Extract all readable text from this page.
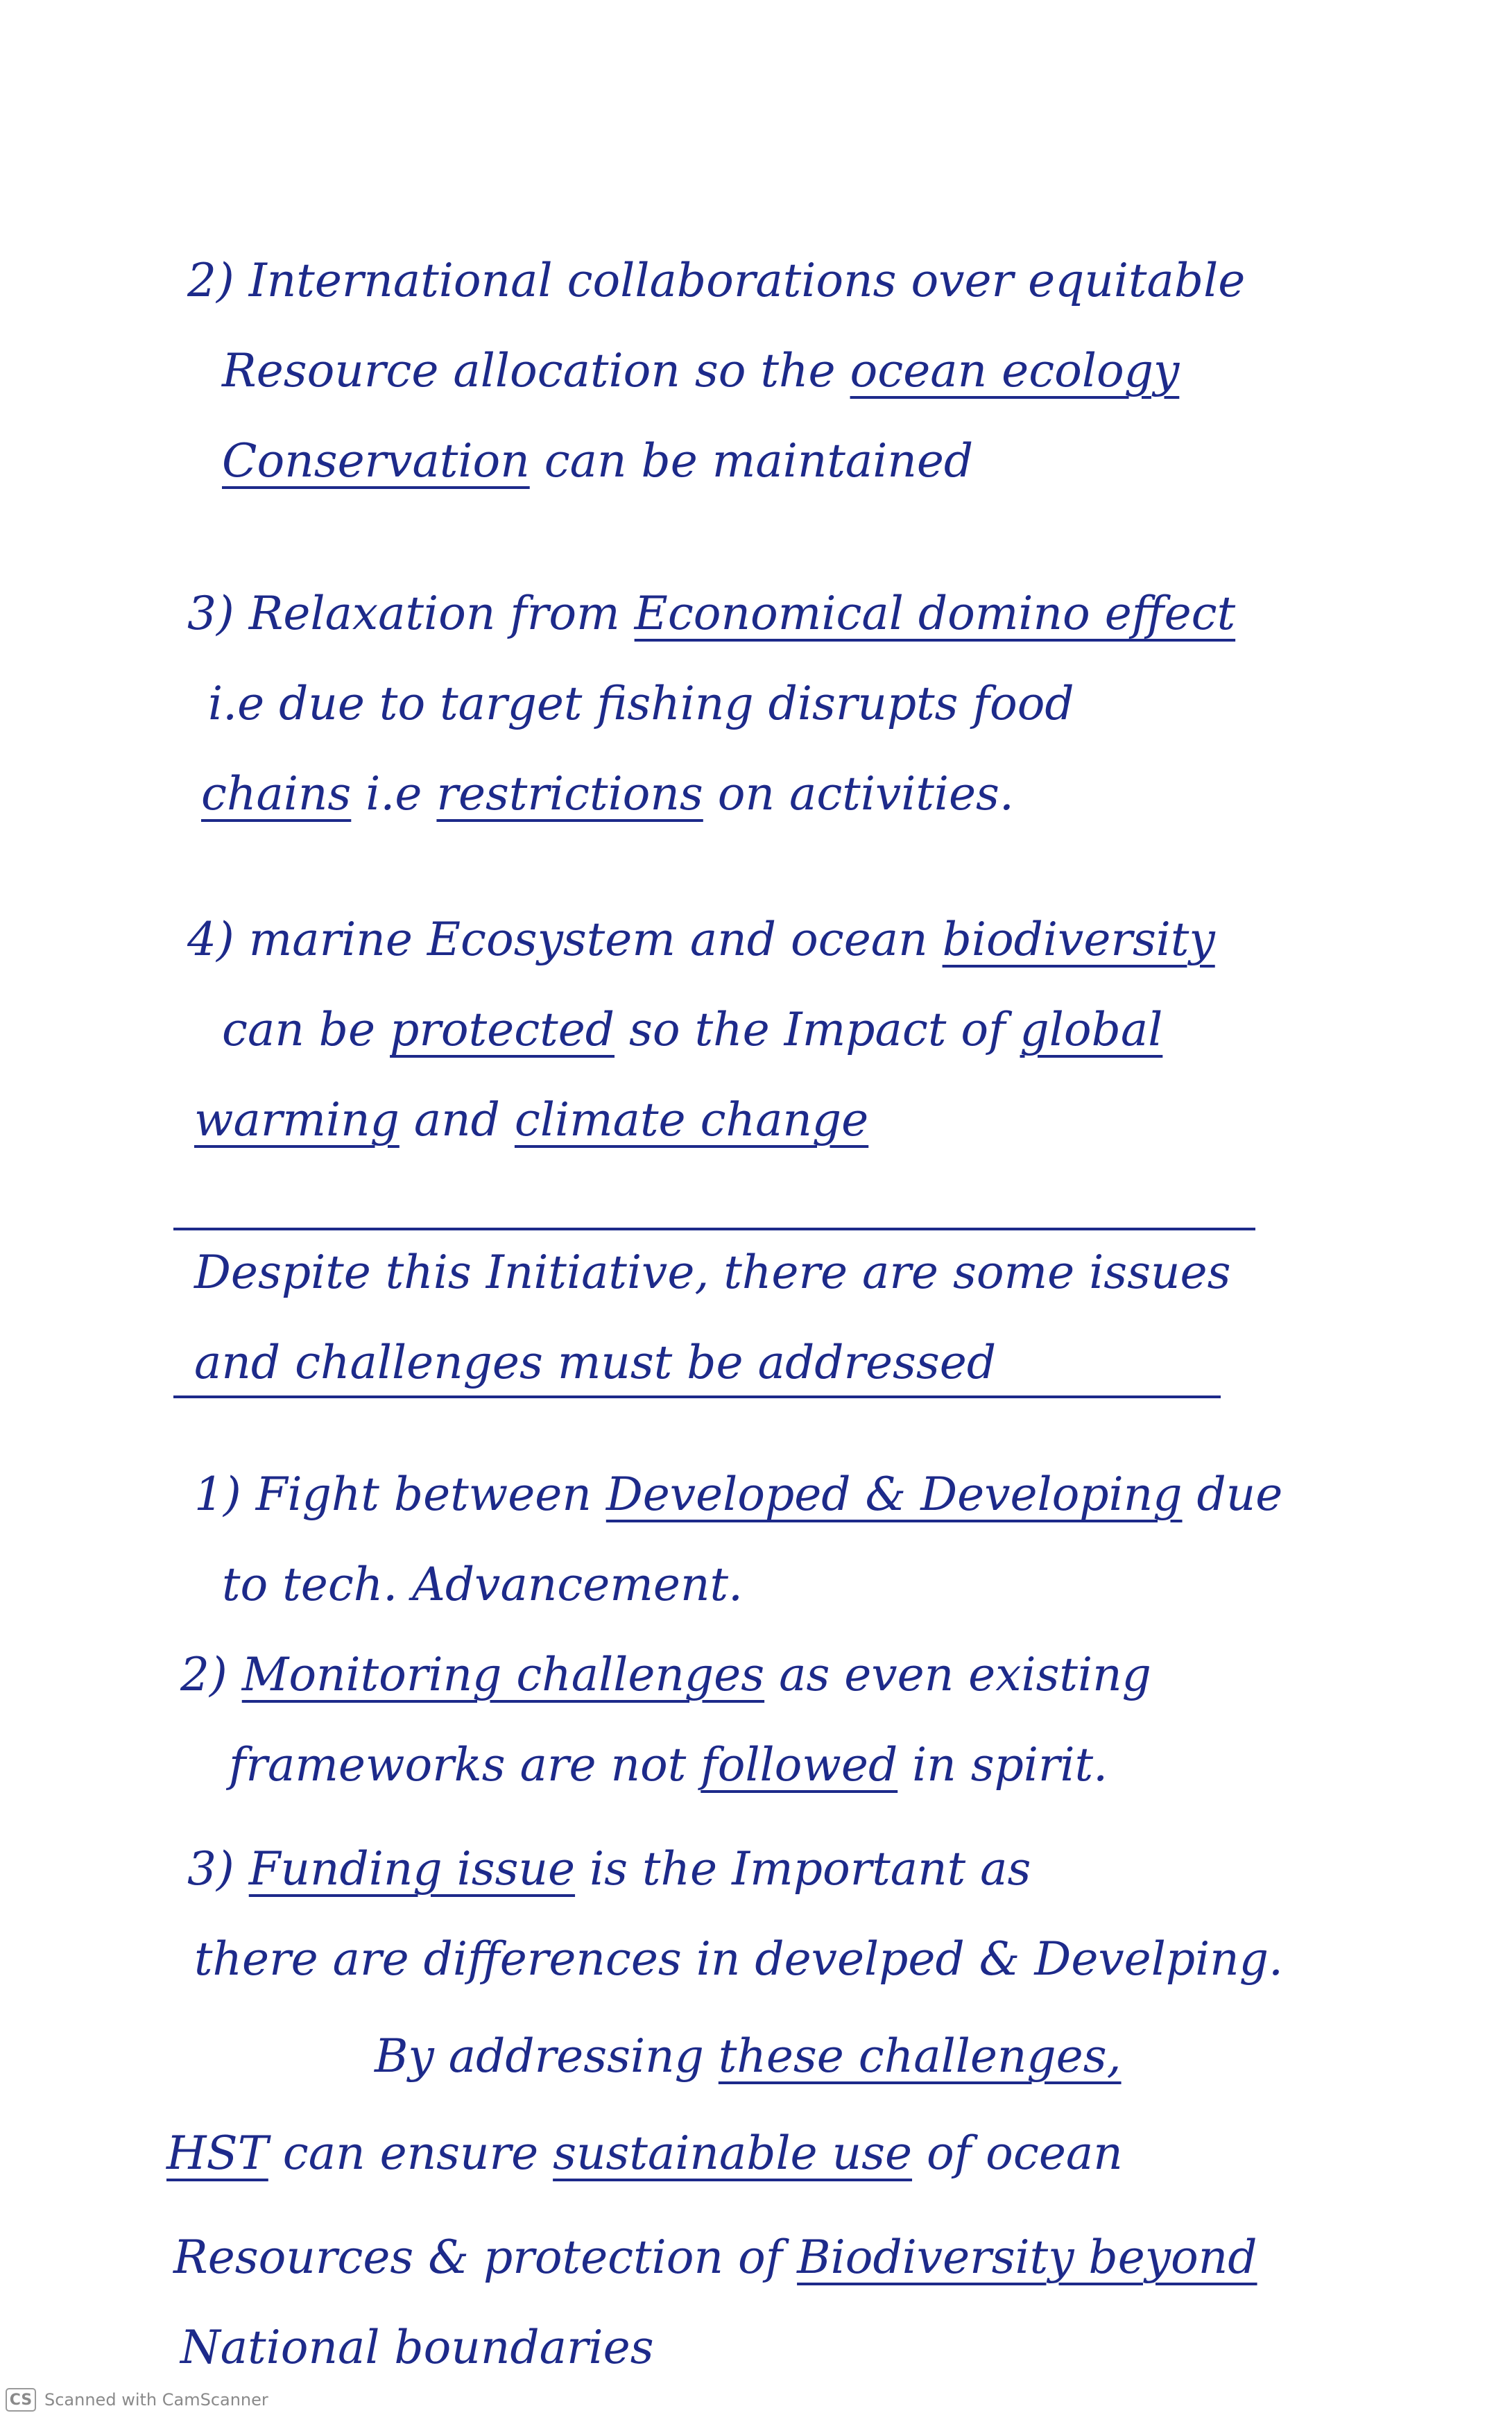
2) International collaborations over equitable
Resource allocation so the ocean ecology
Conservation can be maintained
3) Relaxation from Economical domino effect
i.e due to target fishing disrupts food
chains i.e restrictions on activities.
4) marine Ecosystem and ocean biodiversity
can be protected so the Impact of global
warming and climate change
Despite this Initiative, there are some issues
and challenges must be addressed
1) Fight between Developed & Developing due
to tech. Advancement.
2) Monitoring challenges as even existing
frameworks are not followed in spirit.
3) Funding issue is the Important as
there are differences in develped & Develping.
By addressing these challenges,
HST can ensure sustainable use of ocean
Resources & protection of Biodiversity beyond
National boundaries
CS Scanned with CamScanner
